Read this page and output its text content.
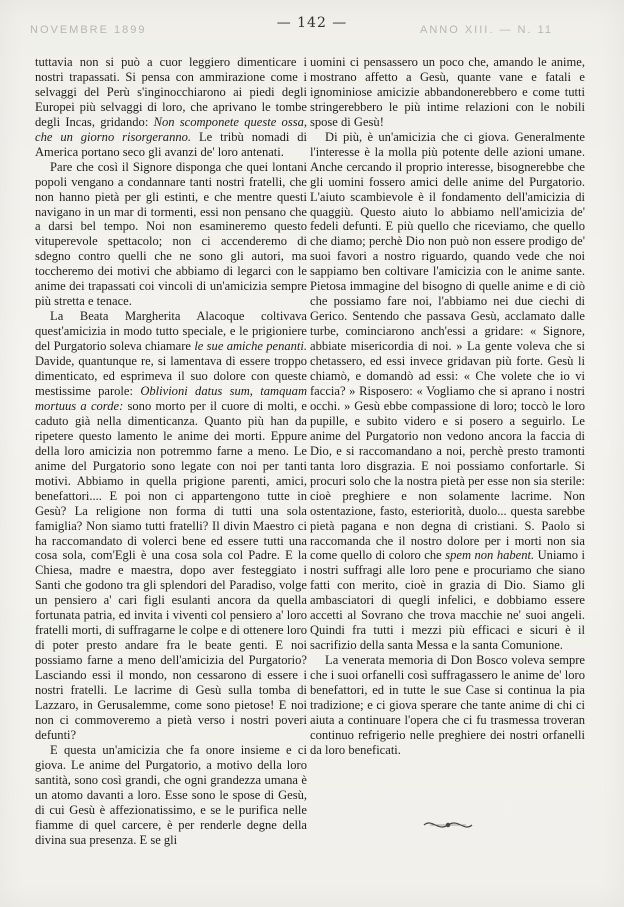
NOVEMBRE 1899	ANNO XIII. — N. 11
— 142 —

tuttavia non si può a cuor leggiero dimenticare i nostri trapassati. Si pensa con ammirazione come i selvaggi del Perù s'inginocchiarono ai piedi degli Europei più selvaggi di loro, che aprivano le tombe degli Incas, gridando: Non scomponete queste ossa, che un giorno risorgeranno. Le tribù nomadi di America portano seco gli avanzi de' loro antenati.

Pare che così il Signore disponga che quei lontani popoli vengano a condannare tanti nostri fratelli, che non hanno pietà per gli estinti, e che mentre questi navigano in un mar di tormenti, essi non pensano che a darsi bel tempo. Noi non esamineremo questo vituperevole spettacolo; non ci accenderemo di sdegno contro quelli che ne sono gli autori, ma toccheremo dei motivi che abbiamo di legarci con le anime dei trapassati coi vincoli di un'amicizia sempre più stretta e tenace.

La Beata Margherita Alacoque coltivava quest'amicizia in modo tutto speciale, e le prigioniere del Purgatorio soleva chiamare le sue amiche penanti. Davide, quantunque re, si lamentava di essere troppo dimenticato, ed esprimeva il suo dolore con queste mestissime parole: Oblivioni datus sum, tamquam mortuus a corde: sono morto per il cuore di molti, e caduto già nella dimenticanza. Quanto più han da ripetere questo lamento le anime dei morti. Eppure della loro amicizia non potremmo farne a meno. Le anime del Purgatorio sono legate con noi per tanti motivi. Abbiamo in quella prigione parenti, amici, benefattori.... E poi non ci appartengono tutte in Gesù? La religione non forma di tutti una sola famiglia? Non siamo tutti fratelli? Il divin Maestro ci ha raccomandato di volerci bene ed essere tutti una cosa sola, com'Egli è una cosa sola col Padre. E la Chiesa, madre e maestra, dopo aver festeggiato i Santi che godono tra gli splendori del Paradiso, volge un pensiero a' cari figli esulanti ancora da quella fortunata patria, ed invita i viventi col pensiero a' loro fratelli morti, di suffragarne le colpe e di ottenere loro di poter presto andare fra le beate genti. E noi possiamo farne a meno dell'amicizia del Purgatorio? Lasciando essi il mondo, non cessarono di essere i nostri fratelli. Le lacrime di Gesù sulla tomba di Lazzaro, in Gerusalemme, come sono pietose! E noi non ci commoveremo a pietà verso i nostri poveri defunti?

E questa un'amicizia che fa onore insieme e ci giova. Le anime del Purgatorio, a motivo della loro santità, sono così grandi, che ogni grandezza umana è un atomo davanti a loro. Esse sono le spose di Gesù, di cui Gesù è affezionatissimo, e se le purifica nelle fiamme di quel carcere, è per renderle degne della divina sua presenza. E se gli

uomini ci pensassero un poco che, amando le anime, mostrano affetto a Gesù, quante vane e fatali e ignominiose amicizie abbandonerebbero e come tutti stringerebbero le più intime relazioni con le nobili spose di Gesù!

Di più, è un'amicizia che ci giova. Generalmente l'interesse è la molla più potente delle azioni umane. Anche cercando il proprio interesse, bisognerebbe che gli uomini fossero amici delle anime del Purgatorio. L'aiuto scambievole è il fondamento dell'amicizia di quaggiù. Questo aiuto lo abbiamo nell'amicizia de' fedeli defunti. E più quello che riceviamo, che quello che diamo; perchè Dio non può non essere prodigo de' suoi favori a nostro riguardo, quando vede che noi sappiamo ben coltivare l'amicizia con le anime sante. Pietosa immagine del bisogno di quelle anime e di ciò che possiamo fare noi, l'abbiamo nei due ciechi di Gerico. Sentendo che passava Gesù, acclamato dalle turbe, cominciarono anch'essi a gridare: « Signore, abbiate misericordia di noi. » La gente voleva che si chetassero, ed essi invece gridavan più forte. Gesù li chiamò, e domandò ad essi: « Che volete che io vi faccia? » Risposero: « Vogliamo che si aprano i nostri occhi. » Gesù ebbe compassione di loro; toccò le loro pupille, e subito videro e si posero a seguirlo. Le anime del Purgatorio non vedono ancora la faccia di Dio, e si raccomandano a noi, perchè presto tramonti tanta loro disgrazia. E noi possiamo confortarle. Si procuri solo che la nostra pietà per esse non sia sterile: cioè preghiere e non solamente lacrime. Non ostentazione, fasto, esteriorità, duolo... questa sarebbe pietà pagana e non degna di cristiani. S. Paolo si raccomanda che il nostro dolore per i morti non sia come quello di coloro che spem non habent. Uniamo i nostri suffragi alle loro pene e procuriamo che siano fatti con merito, cioè in grazia di Dio. Siamo gli ambasciatori di quegli infelici, e dobbiamo essere accetti al Sovrano che trova macchie ne' suoi angeli. Quindi fra tutti i mezzi più efficaci e sicuri è il sacrifizio della santa Messa e la santa Comunione.

La venerata memoria di Don Bosco voleva sempre che i suoi orfanelli così suffragassero le anime de' loro benefattori, ed in tutte le sue Case si continua la pia tradizione; e ci giova sperare che tante anime di chi ci aiuta a continuare l'opera che ci fu trasmessa troveran continuo refrigerio nelle preghiere dei nostri orfanelli da loro beneficati.
